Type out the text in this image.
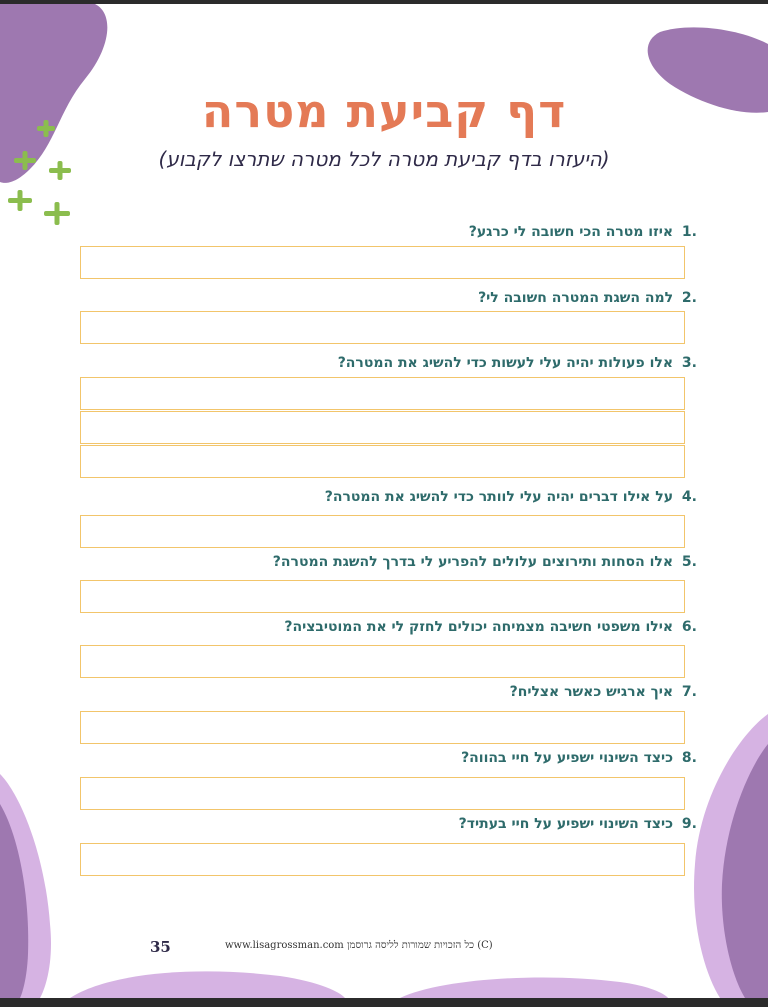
דף קביעת מטרה
(היעזרו בדף קביעת מטרה לכל מטרה שתרצו לקבוע)
.1 איזו מטרה הכי חשובה לי כרגע?
.2 למה השגת המטרה חשובה לי?
.3 אלו פעולות יהיה עלי לעשות כדי להשיג את המטרה?
.4 על אילו דברים יהיה עלי לוותר כדי להשיג את המטרה?
.5 אלו הסחות ותירוצים עלולים להפריע לי בדרך להשגת המטרה?
.6 אילו משפטי חשיבה מצמיחה יכולים לחזק לי את המוטיבציה?
.7 איך ארגיש כאשר אצליח?
.8 כיצד השינוי ישפיע על חיי בהווה?
.9 כיצד השינוי ישפיע על חיי בעתיד?
35	www.lisagrossman.com כל הזכויות שמורות לליסה גרוסמן (C)
